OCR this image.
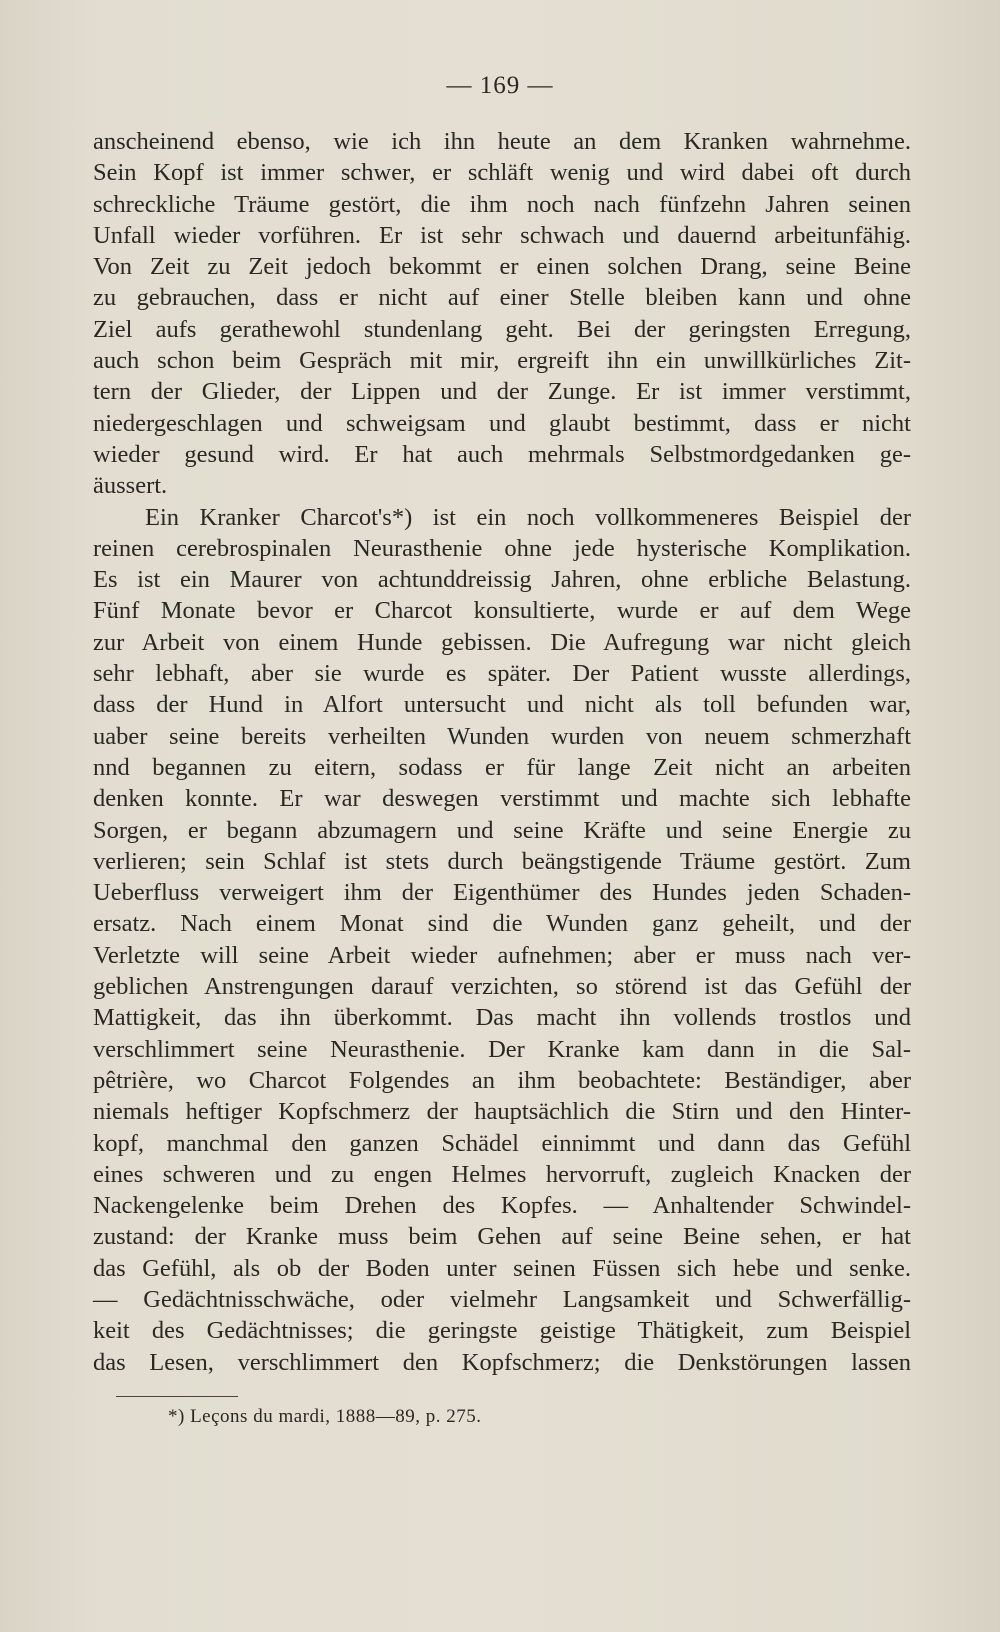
— 169 —
anscheinend ebenso, wie ich ihn heute an dem Kranken wahrnehme.
Sein Kopf ist immer schwer, er schläft wenig und wird dabei oft durch
schreckliche Träume gestört, die ihm noch nach fünfzehn Jahren seinen
Unfall wieder vorführen. Er ist sehr schwach und dauernd arbeitunfähig.
Von Zeit zu Zeit jedoch bekommt er einen solchen Drang, seine Beine
zu gebrauchen, dass er nicht auf einer Stelle bleiben kann und ohne
Ziel aufs gerathewohl stundenlang geht. Bei der geringsten Erregung,
auch schon beim Gespräch mit mir, ergreift ihn ein unwillkürliches Zit-
tern der Glieder, der Lippen und der Zunge. Er ist immer verstimmt,
niedergeschlagen und schweigsam und glaubt bestimmt, dass er nicht
wieder gesund wird. Er hat auch mehrmals Selbstmordgedanken ge-
äussert.
Ein Kranker Charcot's*) ist ein noch vollkommeneres Beispiel der
reinen cerebrospinalen Neurasthenie ohne jede hysterische Komplikation.
Es ist ein Maurer von achtunddreissig Jahren, ohne erbliche Belastung.
Fünf Monate bevor er Charcot konsultierte, wurde er auf dem Wege
zur Arbeit von einem Hunde gebissen. Die Aufregung war nicht gleich
sehr lebhaft, aber sie wurde es später. Der Patient wusste allerdings,
dass der Hund in Alfort untersucht und nicht als toll befunden war,
uaber seine bereits verheilten Wunden wurden von neuem schmerzhaft
nnd begannen zu eitern, sodass er für lange Zeit nicht an arbeiten
denken konnte. Er war deswegen verstimmt und machte sich lebhafte
Sorgen, er begann abzumagern und seine Kräfte und seine Energie zu
verlieren; sein Schlaf ist stets durch beängstigende Träume gestört. Zum
Ueberfluss verweigert ihm der Eigenthümer des Hundes jeden Schaden-
ersatz. Nach einem Monat sind die Wunden ganz geheilt, und der
Verletzte will seine Arbeit wieder aufnehmen; aber er muss nach ver-
geblichen Anstrengungen darauf verzichten, so störend ist das Gefühl der
Mattigkeit, das ihn überkommt. Das macht ihn vollends trostlos und
verschlimmert seine Neurasthenie. Der Kranke kam dann in die Sal-
pêtrière, wo Charcot Folgendes an ihm beobachtete: Beständiger, aber
niemals heftiger Kopfschmerz der hauptsächlich die Stirn und den Hinter-
kopf, manchmal den ganzen Schädel einnimmt und dann das Gefühl
eines schweren und zu engen Helmes hervorruft, zugleich Knacken der
Nackengelenke beim Drehen des Kopfes. — Anhaltender Schwindel-
zustand: der Kranke muss beim Gehen auf seine Beine sehen, er hat
das Gefühl, als ob der Boden unter seinen Füssen sich hebe und senke.
— Gedächtnisschwäche, oder vielmehr Langsamkeit und Schwerfällig-
keit des Gedächtnisses; die geringste geistige Thätigkeit, zum Beispiel
das Lesen, verschlimmert den Kopfschmerz; die Denkstörungen lassen
*) Leçons du mardi, 1888—89, p. 275.
